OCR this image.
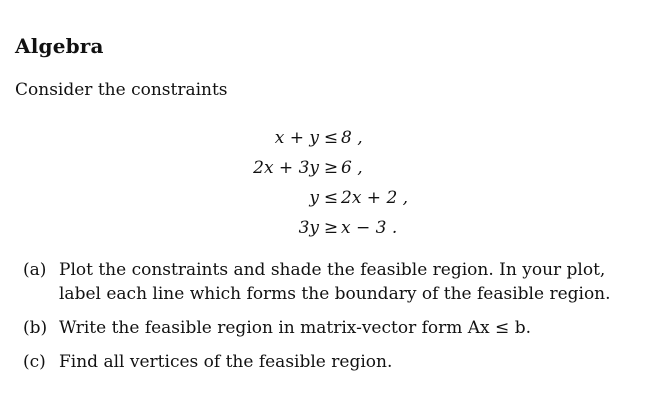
Algebra
Consider the constraints
x + y ≤ 8 ,
2x + 3y ≥ 6 ,
y ≤ 2x + 2 ,
3y ≥ x − 3 .
(a) Plot the constraints and shade the feasible region. In your plot, label each line which forms the boundary of the feasible region.
(b) Write the feasible region in matrix-vector form Ax ≤ b.
(c) Find all vertices of the feasible region.
